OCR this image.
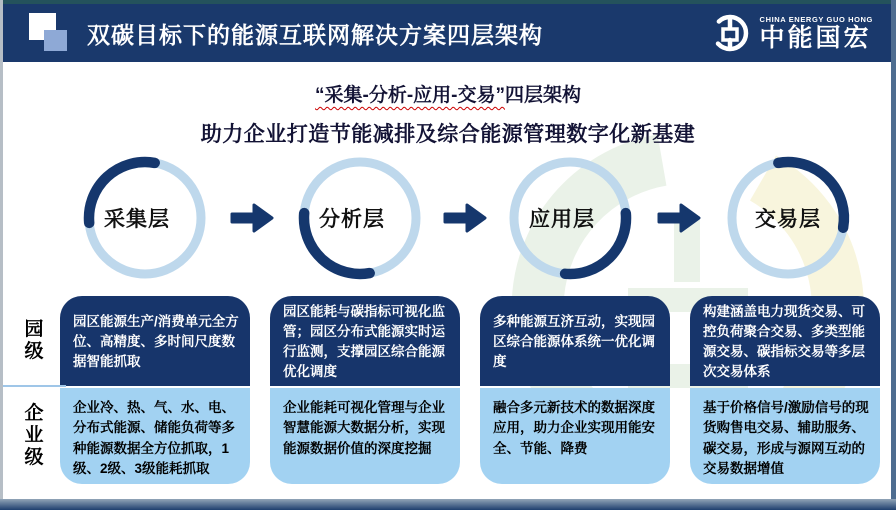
双碳目标下的能源互联网解决方案四层架构
CHINA ENERGY GUO HONG
中能国宏
“采集-分析-应用-交易”四层架构
助力企业打造节能减排及综合能源管理数字化新基建
采集层	分析层	应用层	交易层
园级
园区能源生产/消费单元全方位、高精度、多时间尺度数据智能抓取
园区能耗与碳指标可视化监管；园区分布式能源实时运行监测，支撑园区综合能源优化调度
多种能源互济互动，实现园区综合能源体系统一优化调度
构建涵盖电力现货交易、可控负荷聚合交易、多类型能源交易、碳指标交易等多层次交易体系
企业级
企业冷、热、气、水、电、分布式能源、储能负荷等多种能源数据全方位抓取，1级、2级、3级能耗抓取
企业能耗可视化管理与企业智慧能源大数据分析，实现能源数据价值的深度挖掘
融合多元新技术的数据深度应用，助力企业实现用能安全、节能、降费
基于价格信号/激励信号的现货购售电交易、辅助服务、碳交易，形成与源网互动的交易数据增值
